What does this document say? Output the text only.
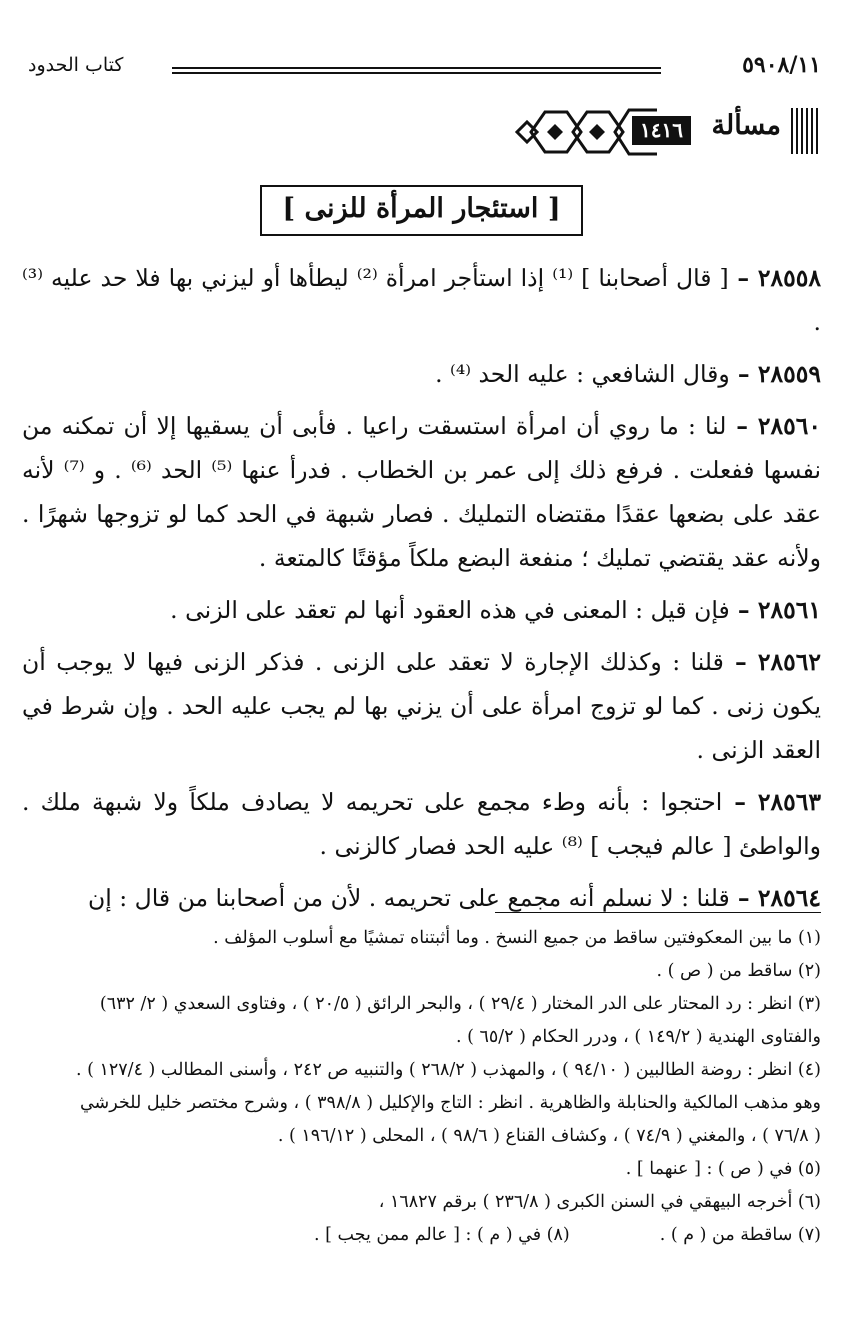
٥٩٠٨/١١
كتاب الحدود
مسألة
١٤١٦
[ استئجار المرأة للزنى ]

٢٨٥٥٨ – [ قال أصحابنا ] ⁽¹⁾ إذا استأجر امرأة ⁽²⁾ ليطأها أو ليزني بها فلا حد عليه ⁽³⁾ .

٢٨٥٥٩ – وقال الشافعي : عليه الحد ⁽⁴⁾ .

٢٨٥٦٠ – لنا : ما روي أن امرأة استسقت راعيا . فأبى أن يسقيها إلا أن تمكنه من نفسها ففعلت . فرفع ذلك إلى عمر بن الخطاب . فدرأ عنها ⁽⁵⁾ الحد ⁽⁶⁾ . و ⁽⁷⁾ لأنه عقد على بضعها عقدًا مقتضاه التمليك . فصار شبهة في الحد كما لو تزوجها شهرًا . ولأنه عقد يقتضي تمليك ؛ منفعة البضع ملكاً مؤقتًا كالمتعة .

٢٨٥٦١ – فإن قيل : المعنى في هذه العقود أنها لم تعقد على الزنى .

٢٨٥٦٢ – قلنا : وكذلك الإجارة لا تعقد على الزنى . فذكر الزنى فيها لا يوجب أن يكون زنى . كما لو تزوج امرأة على أن يزني بها لم يجب عليه الحد . وإن شرط في العقد الزنى .

٢٨٥٦٣ – احتجوا : بأنه وطء مجمع على تحريمه لا يصادف ملكاً ولا شبهة ملك . والواطئ [ عالم فيجب ] ⁽⁸⁾ عليه الحد فصار كالزنى .

٢٨٥٦٤ – قلنا : لا نسلم أنه مجمع على تحريمه . لأن من أصحابنا من قال : إن

(١) ما بين المعكوفتين ساقط من جميع النسخ . وما أثبتناه تمشيًا مع أسلوب المؤلف .

(٢) ساقط من ( ص ) .

(٣) انظر : رد المحتار على الدر المختار ( ٢٩/٤ ) ، والبحر الرائق ( ٢٠/٥ ) ، وفتاوى السعدي ( ٢/ ٦٣٢)

والفتاوى الهندية ( ١٤٩/٢ ) ، ودرر الحكام ( ٦٥/٢ ) .

(٤) انظر : روضة الطالبين ( ٩٤/١٠ ) ، والمهذب ( ٢٦٨/٢ ) والتنبيه ص ٢٤٢ ، وأسنى المطالب ( ١٢٧/٤ ) .

وهو مذهب المالكية والحنابلة والظاهرية . انظر : التاج والإكليل ( ٣٩٨/٨ ) ، وشرح مختصر خليل للخرشي

( ٧٦/٨ ) ، والمغني ( ٧٤/٩ ) ، وكشاف القناع ( ٩٨/٦ ) ، المحلى ( ١٩٦/١٢ ) .

(٥) في ( ص ) : [ عنهما ] .

(٦) أخرجه البيهقي في السنن الكبرى ( ٢٣٦/٨ ) برقم ١٦٨٢٧ ،

(٧) ساقطة من ( م ) .
(٨) في ( م ) : [ عالم ممن يجب ] .
